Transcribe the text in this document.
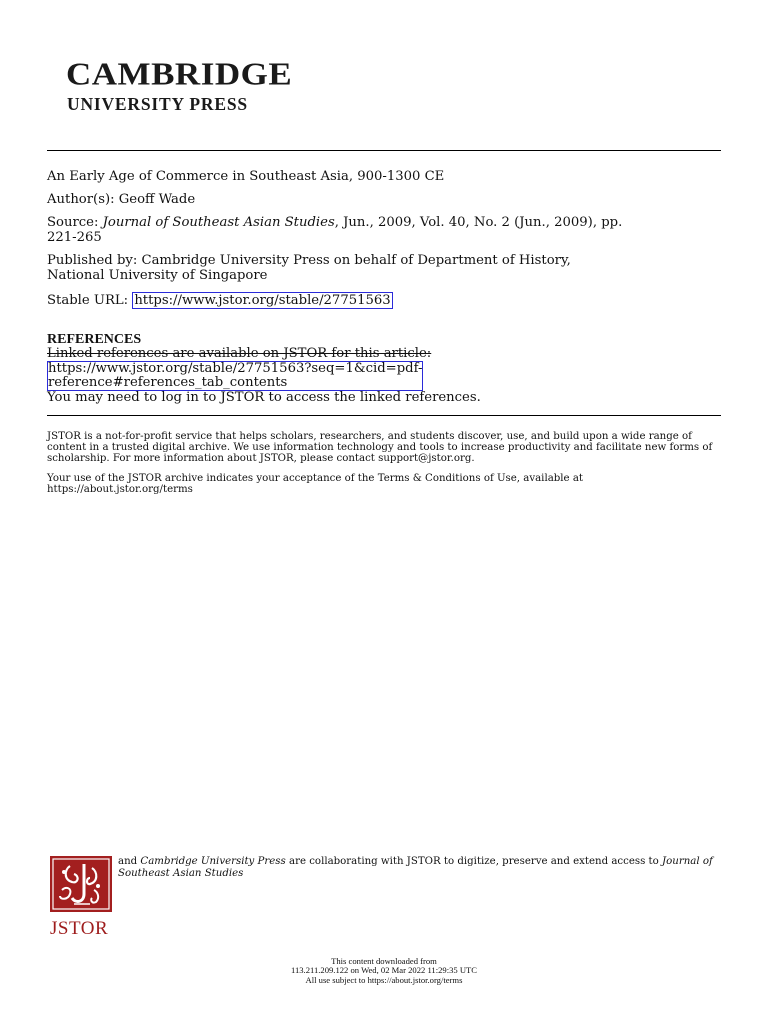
CAMBRIDGE
UNIVERSITY PRESS
An Early Age of Commerce in Southeast Asia, 900-1300 CE
Author(s): Geoff Wade
Source: Journal of Southeast Asian Studies, Jun., 2009, Vol. 40, No. 2 (Jun., 2009), pp.
221-265
Published by: Cambridge University Press on behalf of Department of History,
National University of Singapore
Stable URL: https://www.jstor.org/stable/27751563
REFERENCES
Linked references are available on JSTOR for this article:
https://www.jstor.org/stable/27751563?seq=1&cid=pdf-
reference#references_tab_contents
You may need to log in to JSTOR to access the linked references.
JSTOR is a not-for-profit service that helps scholars, researchers, and students discover, use, and build upon a wide range of content in a trusted digital archive. We use information technology and tools to increase productivity and facilitate new forms of scholarship. For more information about JSTOR, please contact support@jstor.org.
Your use of the JSTOR archive indicates your acceptance of the Terms & Conditions of Use, available at https://about.jstor.org/terms
JSTOR
and Cambridge University Press are collaborating with JSTOR to digitize, preserve and extend access to Journal of Southeast Asian Studies
This content downloaded from
113.211.209.122 on Wed, 02 Mar 2022 11:29:35 UTC
All use subject to https://about.jstor.org/terms
